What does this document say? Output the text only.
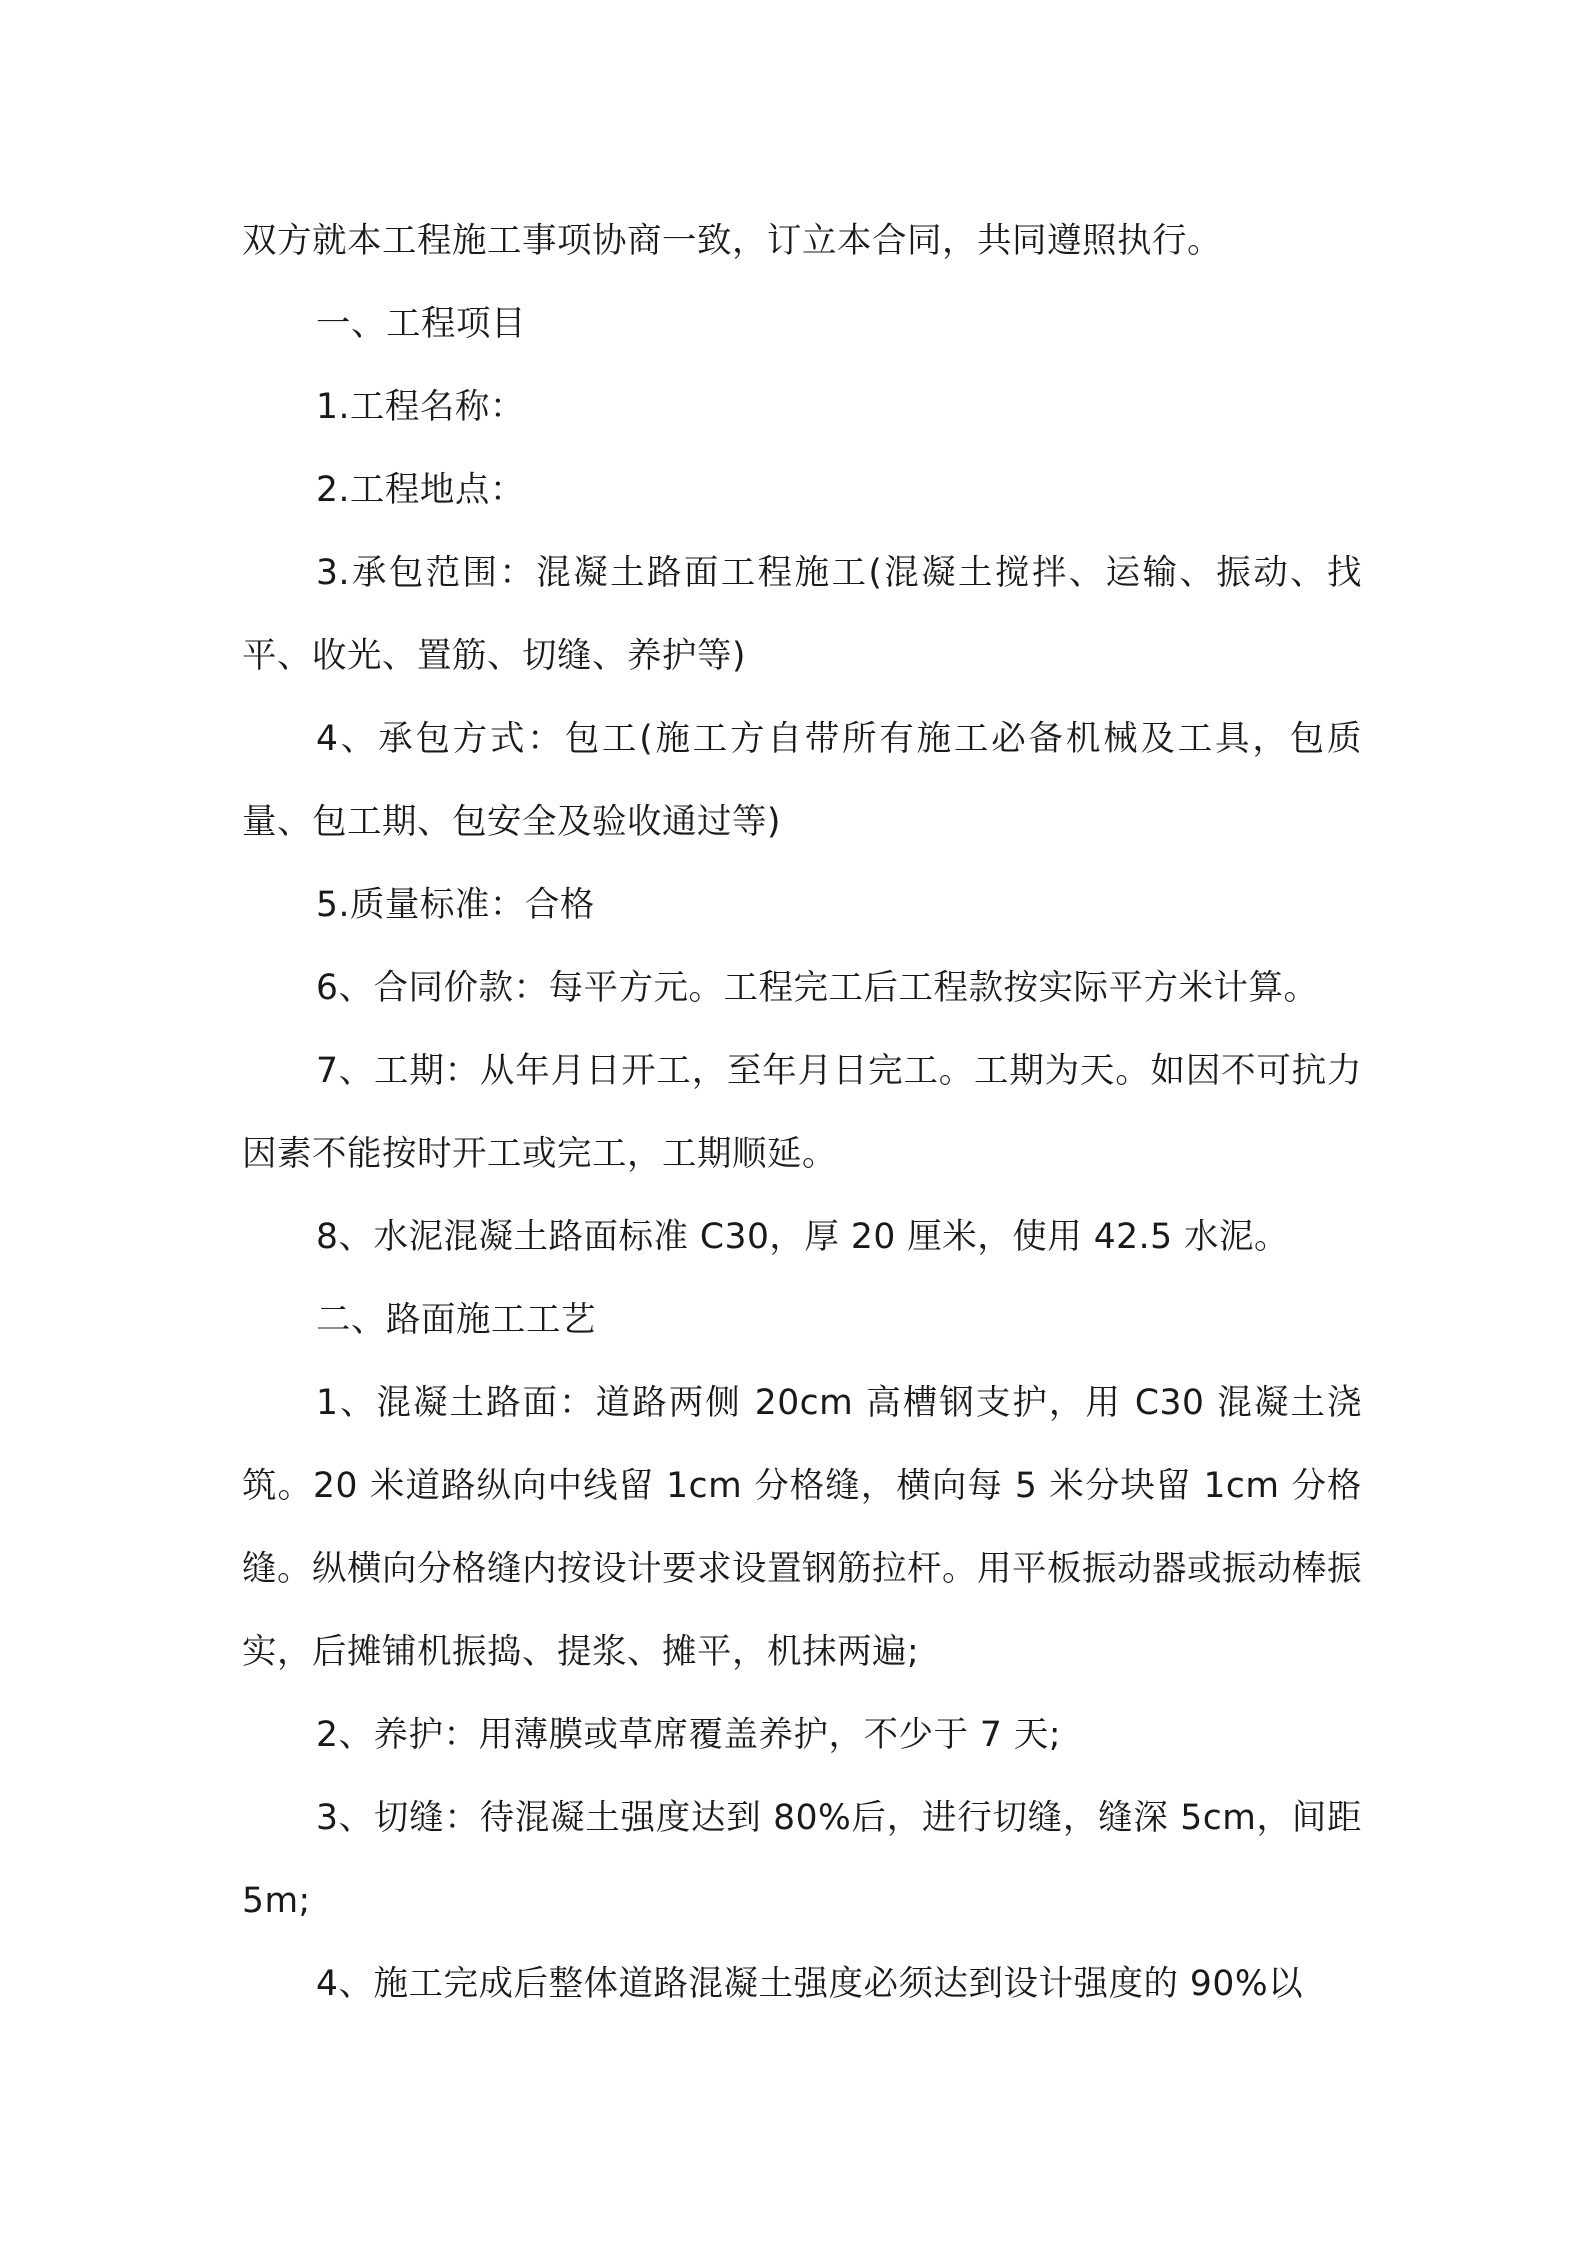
双方就本工程施工事项协商一致，订立本合同，共同遵照执行。

一、工程项目

1.工程名称：

2.工程地点：

3.承包范围：混凝土路面工程施工(混凝土搅拌、运输、振动、找平、收光、置筋、切缝、养护等)

4、承包方式：包工(施工方自带所有施工必备机械及工具，包质量、包工期、包安全及验收通过等)

5.质量标准：合格

6、合同价款：每平方元。工程完工后工程款按实际平方米计算。

7、工期：从年月日开工，至年月日完工。工期为天。如因不可抗力因素不能按时开工或完工，工期顺延。

8、水泥混凝土路面标准 C30，厚 20 厘米，使用 42.5 水泥。

二、路面施工工艺

1、混凝土路面：道路两侧 20cm 高槽钢支护，用 C30 混凝土浇筑。20 米道路纵向中线留 1cm 分格缝，横向每 5 米分块留 1cm 分格缝。纵横向分格缝内按设计要求设置钢筋拉杆。用平板振动器或振动棒振实，后摊铺机振捣、提浆、摊平，机抹两遍;

2、养护：用薄膜或草席覆盖养护，不少于 7 天;

3、切缝：待混凝土强度达到 80%后，进行切缝，缝深 5cm，间距 5m;

4、施工完成后整体道路混凝土强度必须达到设计强度的 90%以
